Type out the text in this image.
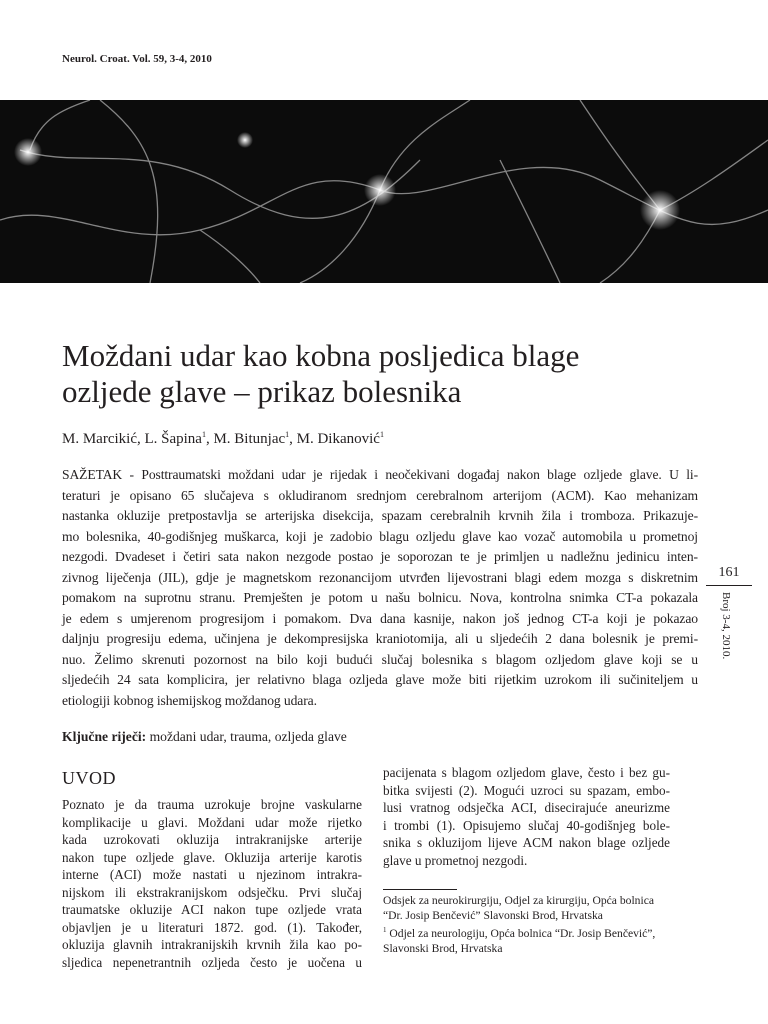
Neurol. Croat. Vol. 59, 3-4, 2010
Moždani udar kao kobna posljedica blage
ozljede glave – prikaz bolesnika
M. Marcikić, L. Šapina$^1$, M. Bitunjac$^1$, M. Dikanović$^1$
SAŽETAK - Posttraumatski moždani udar je rijedak i neočekivani događaj nakon blage ozljede glave. U li-
teraturi je opisano 65 slučajeva s okludiranom srednjom cerebralnom arterijom (ACM). Kao mehanizam
nastanka okluzije pretpostavlja se arterijska disekcija, spazam cerebralnih krvnih žila i tromboza. Prikazuje-
mo bolesnika, 40-godišnjeg muškarca, koji je zadobio blagu ozljedu glave kao vozač automobila u prometnoj
nezgodi. Dvadeset i četiri sata nakon nezgode postao je soporozan te je primljen u nadležnu jedinicu inten-
zivnog liječenja (JIL), gdje je magnetskom rezonancijom utvrđen lijevostrani blagi edem mozga s diskretnim
pomakom na suprotnu stranu. Premješten je potom u našu bolnicu. Nova, kontrolna snimka CT-a pokazala
je edem s umjerenom progresijom i pomakom. Dva dana kasnije, nakon još jednog CT-a koji je pokazao
daljnju progresiju edema, učinjena je dekompresijska kraniotomija, ali u sljedećih 2 dana bolesnik je premi-
nuo. Želimo skrenuti pozornost na bilo koji budući slučaj bolesnika s blagom ozljedom glave koji se u
sljedećih 24 sata komplicira, jer relativno blaga ozljeda glave može biti rijetkim uzrokom ili sučiniteljem u
etiologiji kobnog ishemijskog moždanog udara.
Ključne riječi: moždani udar, trauma, ozljeda glave
UVOD
Poznato je da trauma uzrokuje brojne vaskularne
komplikacije u glavi. Moždani udar može rijetko
kada uzrokovati okluzija intrakranijske arterije
nakon tupe ozljede glave. Okluzija arterije karotis
interne (ACI) može nastati u njezinom intrakra-
nijskom ili ekstrakranijskom odsječku. Prvi slučaj
traumatske okluzije ACI nakon tupe ozljede vrata
objavljen je u literaturi 1872. god. (1). Također,
okluzija glavnih intrakranijskih krvnih žila kao po-
sljedica nepenetrantnih ozljeda često je uočena u
pacijenata s blagom ozljedom glave, često i bez gu-
bitka svijesti (2). Mogući uzroci su spazam, embo-
lusi vratnog odsječka ACI, disecirajuće aneurizme
i trombi (1). Opisujemo slučaj 40-godišnjeg bole-
snika s okluzijom lijeve ACM nakon blage ozljede
glave u prometnoj nezgodi.
Odsjek za neurokirurgiju, Odjel za kirurgiju, Opća bolnica “Dr. Josip Benčević” Slavonski Brod, Hrvatska
$^1$ Odjel za neurologiju, Opća bolnica “Dr. Josip Benčević”, Slavonski Brod, Hrvatska
161
Broj 3-4, 2010.
